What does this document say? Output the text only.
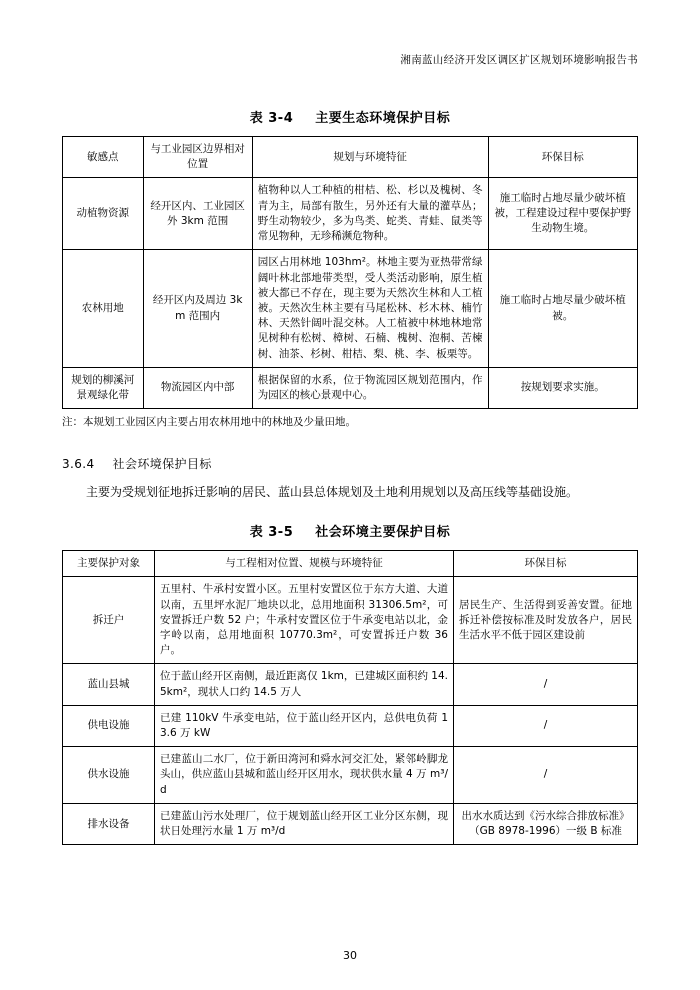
湘南蓝山经济开发区调区扩区规划环境影响报告书
表 3-4 主要生态环境保护目标
敏感点	与工业园区边界相对位置	规划与环境特征	环保目标
动植物资源	经开区内、工业园区外 3km 范围	植物种以人工种植的柑桔、松、杉以及槐树、冬青为主，局部有散生，另外还有大量的灌草丛；野生动物较少，多为鸟类、蛇类、青蛙、鼠类等常见物种，无珍稀濒危物种。	施工临时占地尽量少破坏植被，工程建设过程中要保护野生动物生境。
农林用地	经开区内及周边 3km 范围内	园区占用林地 103hm²。林地主要为亚热带常绿阔叶林北部地带类型，受人类活动影响，原生植被大都已不存在，现主要为天然次生林和人工植被。天然次生林主要有马尾松林、杉木林、楠竹林、天然针阔叶混交林。人工植被中林地林地常见树种有松树、樟树、石楠、槐树、泡桐、苦楝树、油茶、杉树、柑桔、梨、桃、李、板栗等。	施工临时占地尽量少破坏植被。
规划的柳溪河景观绿化带	物流园区内中部	根据保留的水系，位于物流园区规划范围内，作为园区的核心景观中心。	按规划要求实施。

注：本规划工业园区内主要占用农林用地中的林地及少量田地。

3.6.4 社会环境保护目标

主要为受规划征地拆迁影响的居民、蓝山县总体规划及土地利用规划以及高压线等基础设施。

表 3-5 社会环境主要保护目标
主要保护对象	与工程相对位置、规模与环境特征	环保目标
拆迁户	五里村、牛承村安置小区。五里村安置区位于东方大道、大道以南，五里坪水泥厂地块以北，总用地面积 31306.5m²，可安置拆迁户数 52 户；牛承村安置区位于牛承变电站以北，金字岭以南，总用地面积 10770.3m²，可安置拆迁户数 36 户。	居民生产、生活得到妥善安置。征地拆迁补偿按标准及时发放各户，居民生活水平不低于园区建设前
蓝山县城	位于蓝山经开区南侧，最近距离仅 1km，已建城区面积约 14.5km²，现状人口约 14.5 万人	/
供电设施	已建 110kV 牛承变电站，位于蓝山经开区内，总供电负荷 13.6 万 kW	/
供水设施	已建蓝山二水厂，位于新田湾河和舜水河交汇处，紧邻岭脚龙头山，供应蓝山县城和蓝山经开区用水，现状供水量 4 万 m³/d	/
排水设备	已建蓝山污水处理厂，位于规划蓝山经开区工业分区东侧，现状日处理污水量 1 万 m³/d	出水水质达到《污水综合排放标准》（GB 8978-1996）一级 B 标准
30
